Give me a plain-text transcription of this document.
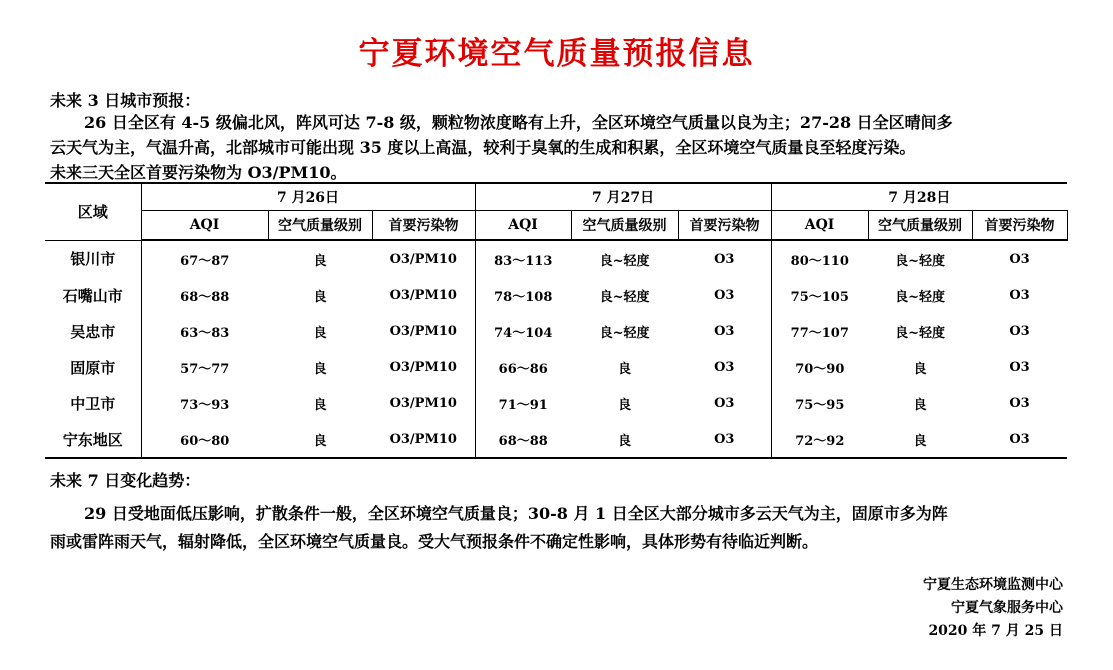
宁夏环境空气质量预报信息
未来 3 日城市预报：
26 日全区有 4-5 级偏北风，阵风可达 7-8 级，颗粒物浓度略有上升，全区环境空气质量以良为主；27-28 日全区晴间多
云天气为主，气温升高，北部城市可能出现 35 度以上高温，较利于臭氧的生成和积累，全区环境空气质量良至轻度污染。
未来三天全区首要污染物为 O3/PM10。
区域	7 月26日			7 月27日			7 月28日		
	AQI	空气质量级别	首要污染物	AQI	空气质量级别	首要污染物	AQI	空气质量级别	首要污染物
银川市	67～87	良	O3/PM10	83～113	良~轻度	O3	80～110	良~轻度	O3
石嘴山市	68～88	良	O3/PM10	78～108	良~轻度	O3	75～105	良~轻度	O3
吴忠市	63～83	良	O3/PM10	74～104	良~轻度	O3	77～107	良~轻度	O3
固原市	57～77	良	O3/PM10	66～86	良	O3	70～90	良	O3
中卫市	73～93	良	O3/PM10	71～91	良	O3	75～95	良	O3
宁东地区	60～80	良	O3/PM10	68～88	良	O3	72～92	良	O3
未来 7 日变化趋势：
29 日受地面低压影响，扩散条件一般，全区环境空气质量良；30-8 月 1 日全区大部分城市多云天气为主，固原市多为阵
雨或雷阵雨天气，辐射降低，全区环境空气质量良。受大气预报条件不确定性影响，具体形势有待临近判断。
宁夏生态环境监测中心
宁夏气象服务中心
2020 年 7 月 25 日
